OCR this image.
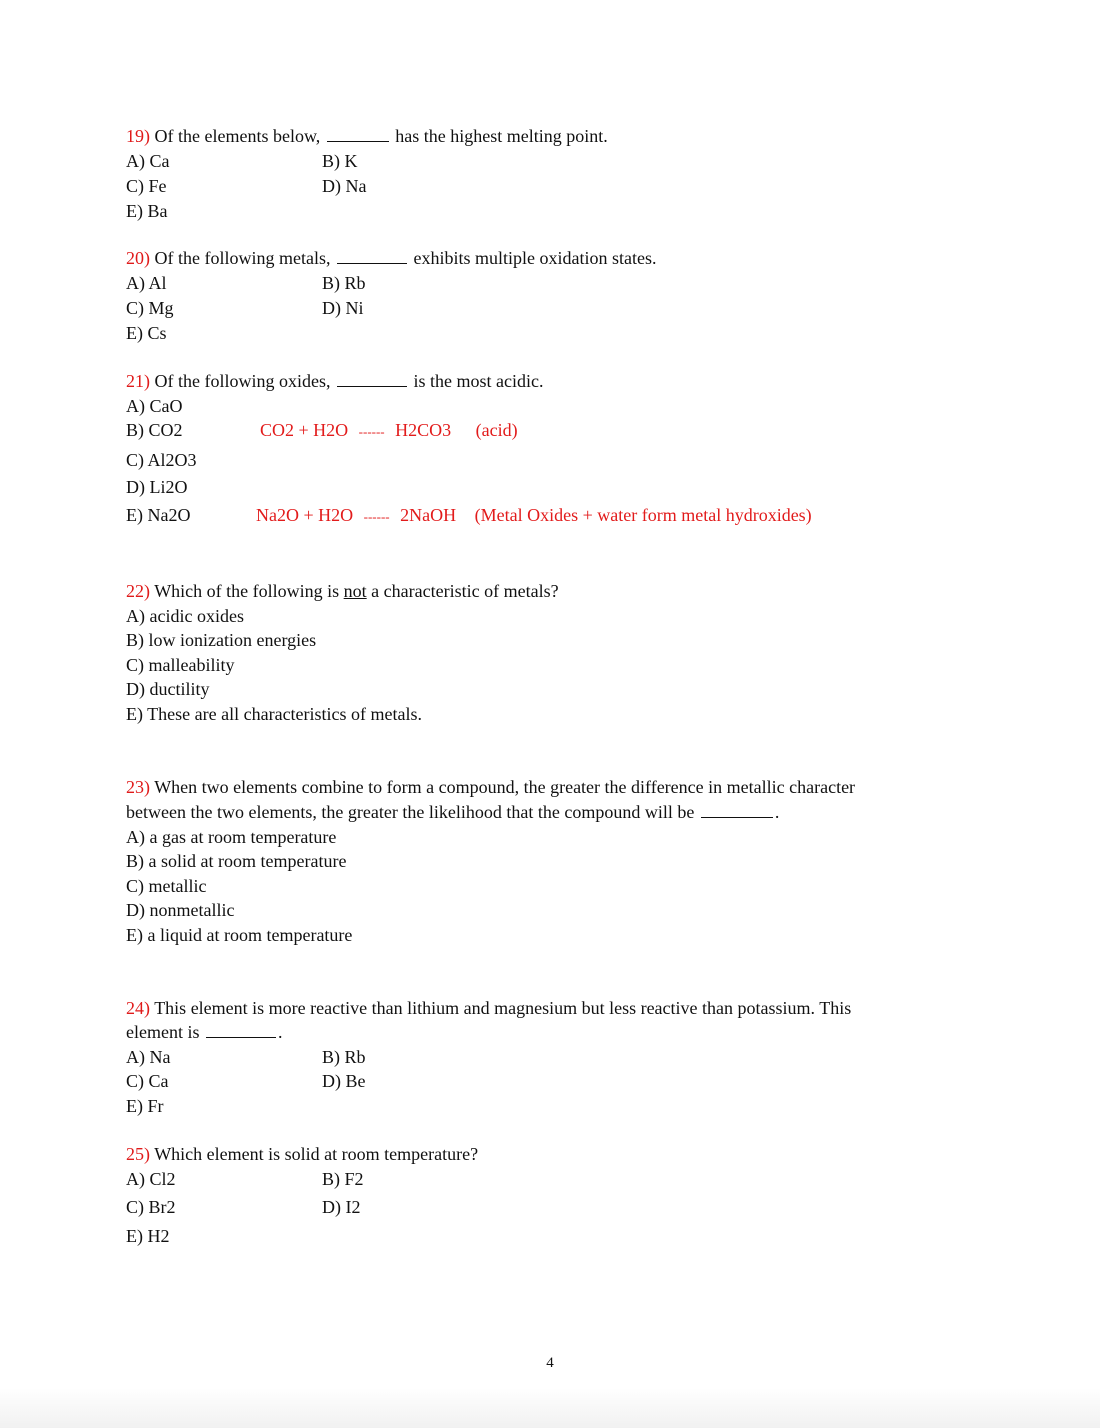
19) Of the elements below,	has the highest melting point.
A) Ca	B) K
C) Fe	D) Na
E) Ba
20) Of the following metals,	exhibits multiple oxidation states.
A) Al	B) Rb
C) Mg	D) Ni
E) Cs
21) Of the following oxides,	is the most acidic.
A) CaO
B) CO2	CO2 + H2O ------ H2CO3 (acid)
C) Al2O3
D) Li2O
E) Na2O	Na2O + H2O ------ 2NaOH (Metal Oxides + water form metal hydroxides)
22) Which of the following is not a characteristic of metals?
A) acidic oxides
B) low ionization energies
C) malleability
D) ductility
E) These are all characteristics of metals.
23) When two elements combine to form a compound, the greater the difference in metallic character
between the two elements, the greater the likelihood that the compound will be	.
A) a gas at room temperature
B) a solid at room temperature
C) metallic
D) nonmetallic
E) a liquid at room temperature
24) This element is more reactive than lithium and magnesium but less reactive than potassium. This
element is	.
A) Na	B) Rb
C) Ca	D) Be
E) Fr
25) Which element is solid at room temperature?
A) Cl2	B) F2
C) Br2	D) I2
E) H2
4
